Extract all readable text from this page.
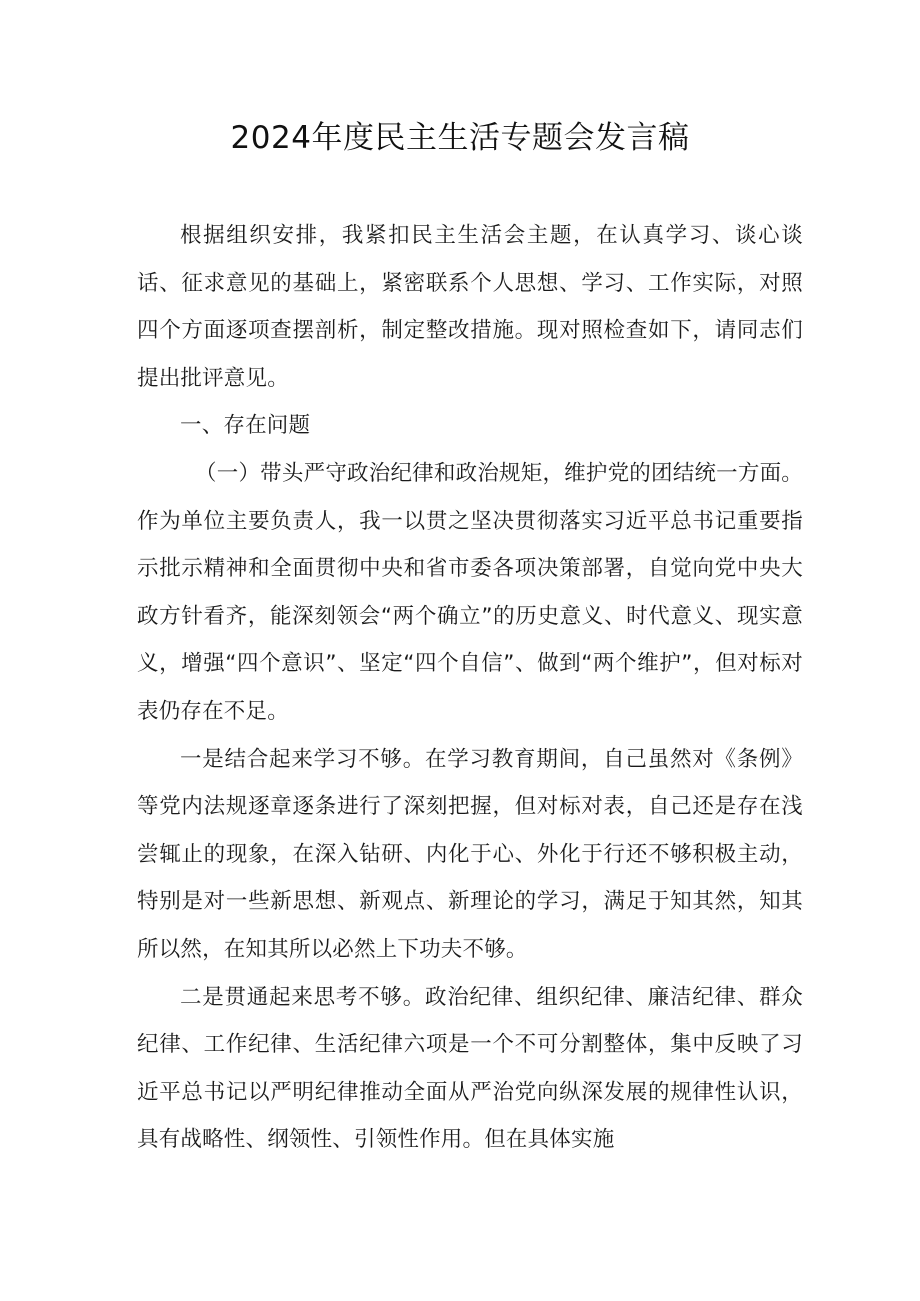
2024年度民主生活专题会发言稿

根据组织安排，我紧扣民主生活会主题，在认真学习、谈心谈话、征求意见的基础上，紧密联系个人思想、学习、工作实际，对照四个方面逐项查摆剖析，制定整改措施。现对照检查如下，请同志们提出批评意见。

一、存在问题

（一）带头严守政治纪律和政治规矩，维护党的团结统一方面。作为单位主要负责人，我一以贯之坚决贯彻落实习近平总书记重要指示批示精神和全面贯彻中央和省市委各项决策部署，自觉向党中央大政方针看齐，能深刻领会“两个确立”的历史意义、时代意义、现实意义，增强“四个意识”、坚定“四个自信”、做到“两个维护”，但对标对表仍存在不足。

一是结合起来学习不够。在学习教育期间，自己虽然对《条例》等党内法规逐章逐条进行了深刻把握，但对标对表，自己还是存在浅尝辄止的现象，在深入钻研、内化于心、外化于行还不够积极主动，特别是对一些新思想、新观点、新理论的学习，满足于知其然，知其所以然，在知其所以必然上下功夫不够。

二是贯通起来思考不够。政治纪律、组织纪律、廉洁纪律、群众纪律、工作纪律、生活纪律六项是一个不可分割整体，集中反映了习近平总书记以严明纪律推动全面从严治党向纵深发展的规律性认识，具有战略性、纲领性、引领性作用。但在具体实施
